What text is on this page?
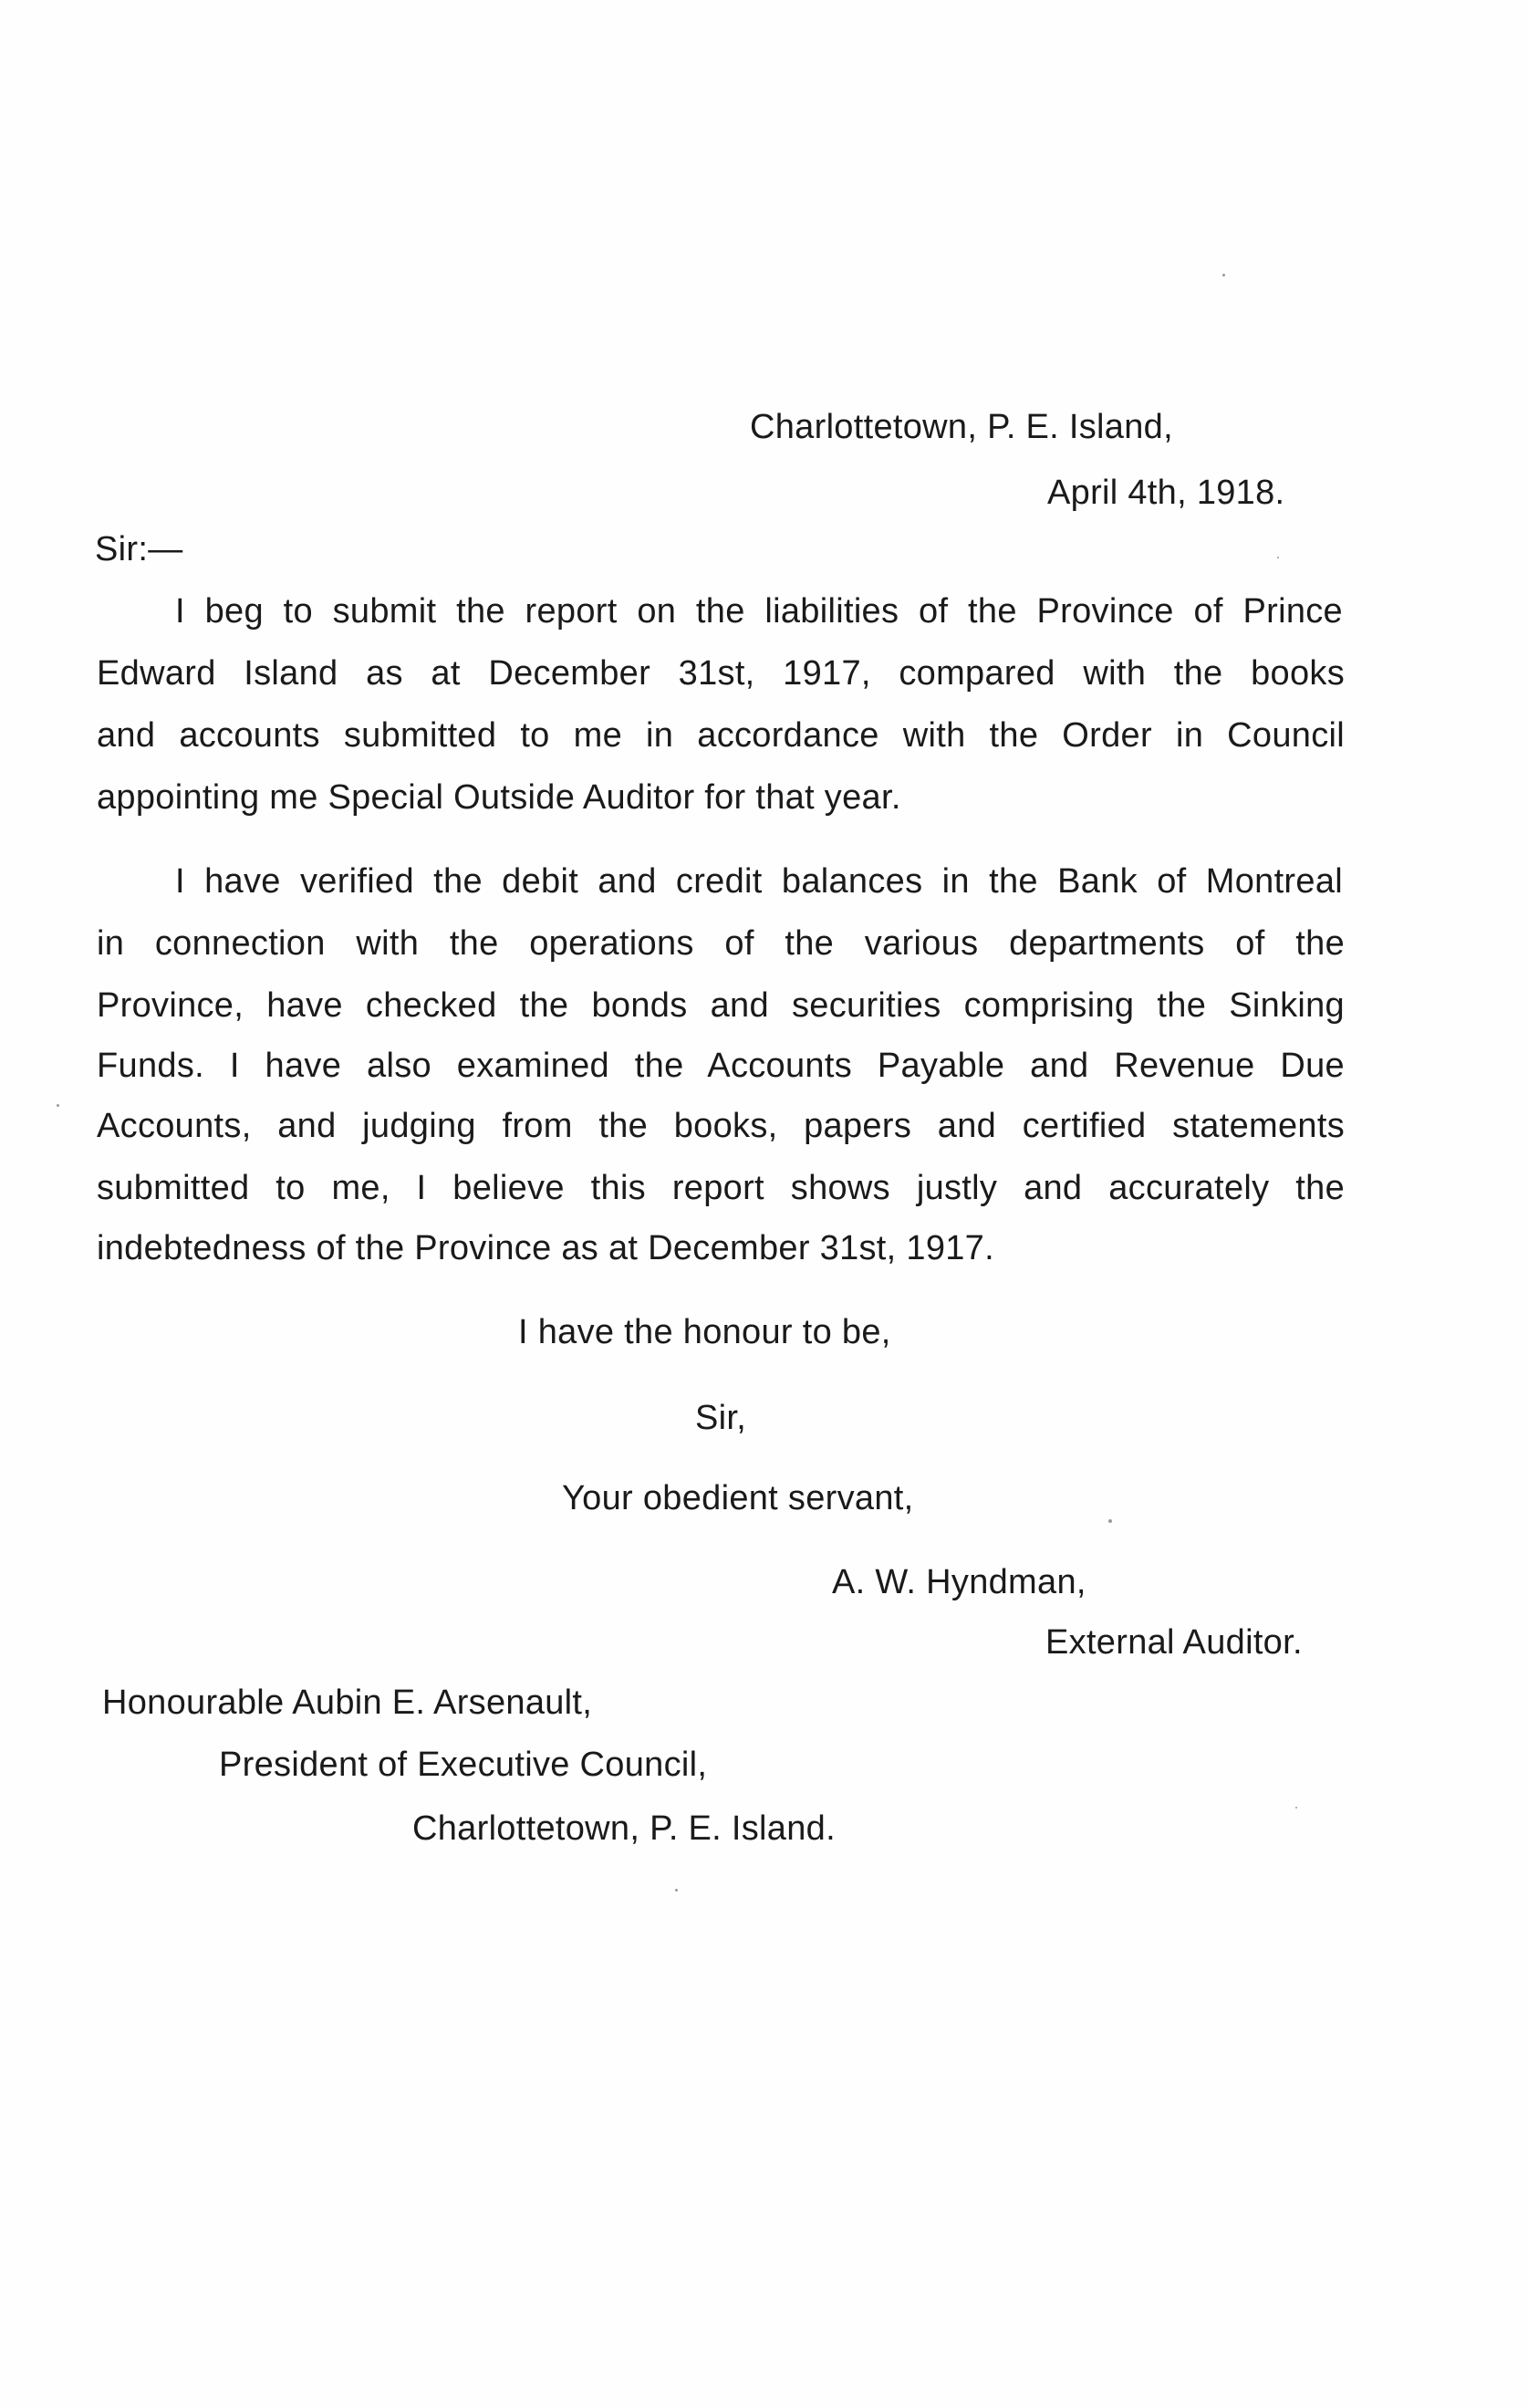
Charlottetown, P. E. Island,
April 4th, 1918.
Sir:—
I beg to submit the report on the liabilities of the Province of Prince
Edward Island as at December 31st, 1917, compared with the books
and accounts submitted to me in accordance with the Order in Council
appointing me Special Outside Auditor for that year.
I have verified the debit and credit balances in the Bank of Montreal
in connection with the operations of the various departments of the
Province, have checked the bonds and securities comprising the Sinking
Funds. I have also examined the Accounts Payable and Revenue Due
Accounts, and judging from the books, papers and certified statements
submitted to me, I believe this report shows justly and accurately the
indebtedness of the Province as at December 31st, 1917.
I have the honour to be,
Sir,
Your obedient servant,
A. W. Hyndman,
External Auditor.
Honourable Aubin E. Arsenault,
President of Executive Council,
Charlottetown, P. E. Island.
